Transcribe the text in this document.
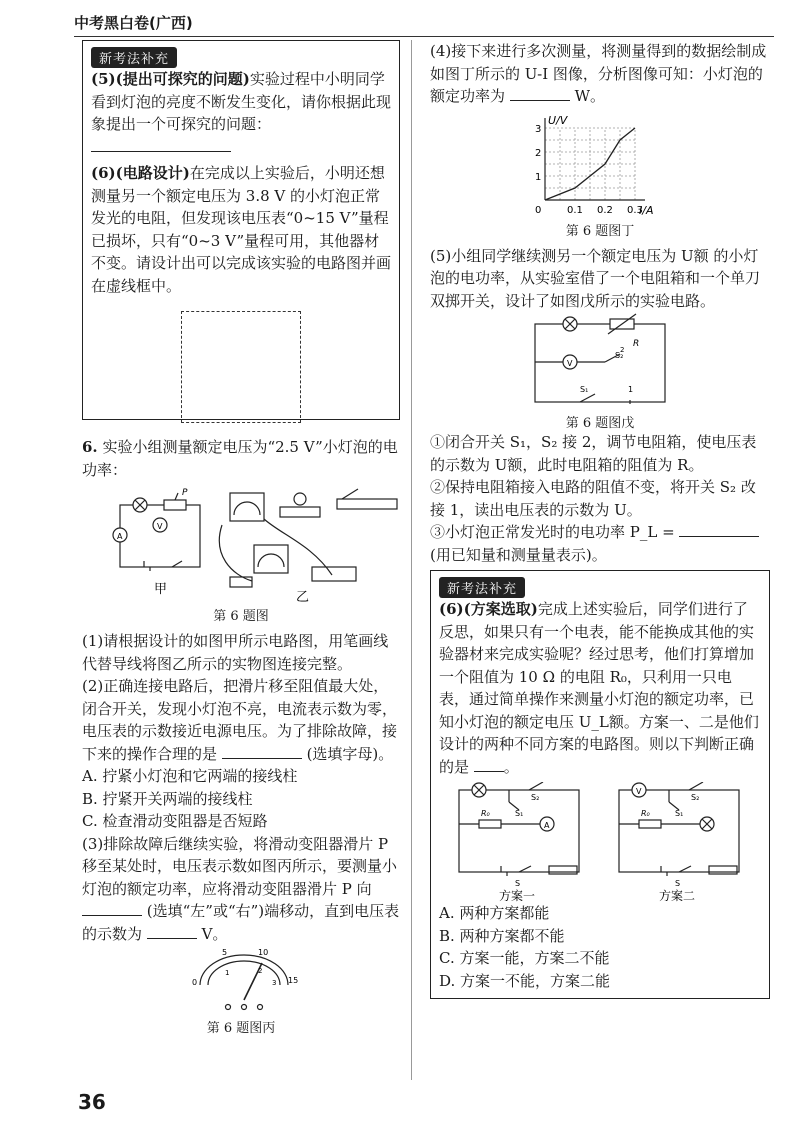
中考黑白卷(广西)
新考法补充
(5)(提出可探究的问题)实验过程中小明同学看到灯泡的亮度不断发生变化，请你根据此现象提出一个可探究的问题：
(6)(电路设计)在完成以上实验后，小明还想测量另一个额定电压为 3.8 V 的小灯泡正常发光的电阻，但发现该电压表“0~15 V”量程已损坏，只有“0~3 V”量程可用，其他器材不变。请设计出可以完成该实验的电路图并画在虚线框中。
6. 实验小组测量额定电压为“2.5 V”小灯泡的电功率：
A
V
P
甲
乙
第 6 题图
(1)请根据设计的如图甲所示电路图，用笔画线代替导线将图乙所示的实物图连接完整。
(2)正确连接电路后，把滑片移至阻值最大处，闭合开关，发现小灯泡不亮，电流表示数为零，电压表的示数接近电源电压。为了排除故障，接下来的操作合理的是	(选填字母)。
A. 拧紧小灯泡和它两端的接线柱
B. 拧紧开关两端的接线柱
C. 检查滑动变阻器是否短路
(3)排除故障后继续实验，将滑动变阻器滑片 P 移至某处时，电压表示数如图丙所示，要测量小灯泡的额定功率，应将滑动变阻器滑片 P 向  (选填“左”或“右”)端移动，直到电压表的示数为	V。
0
5	10
15
1	2
3
第 6 题图丙
(4)接下来进行多次测量，将测量得到的数据绘制成如图丁所示的 U-I 图像，分析图像可知：小灯泡的额定功率为	W。
U/V
I/A
0	0.1 0.2 0.3
1
2
3
第 6 题图丁
(5)小组同学继续测另一个额定电压为 U额 的小灯泡的电功率，从实验室借了一个电阻箱和一个单刀双掷开关，设计了如图戊所示的实验电路。
V
S₂
R
S₁	1
2
第 6 题图戊
①闭合开关 S₁，S₂ 接 2，调节电阻箱，使电压表的示数为 U额，此时电阻箱的阻值为 R。
②保持电阻箱接入电路的阻值不变，将开关 S₂ 改接 1，读出电压表的示数为 U。
③小灯泡正常发光时的电功率 P_L =
(用已知量和测量量表示)。
新考法补充
(6)(方案选取)完成上述实验后，同学们进行了反思，如果只有一个电表，能不能换成其他的实验器材来完成实验呢？经过思考，他们打算增加一个阻值为 10 Ω 的电阻 R₀，只利用一只电表，通过简单操作来测量小灯泡的额定功率，已知小灯泡的额定电压 U_L额。方案一、二是他们设计的两种不同方案的电路图。则以下判断正确的是 。
A
V
R₀	R₀
S₂
S₁
S₂
S₁
S	S
方案一	方案二
A. 两种方案都能
B. 两种方案都不能
C. 方案一能，方案二不能
D. 方案一不能，方案二能
36
